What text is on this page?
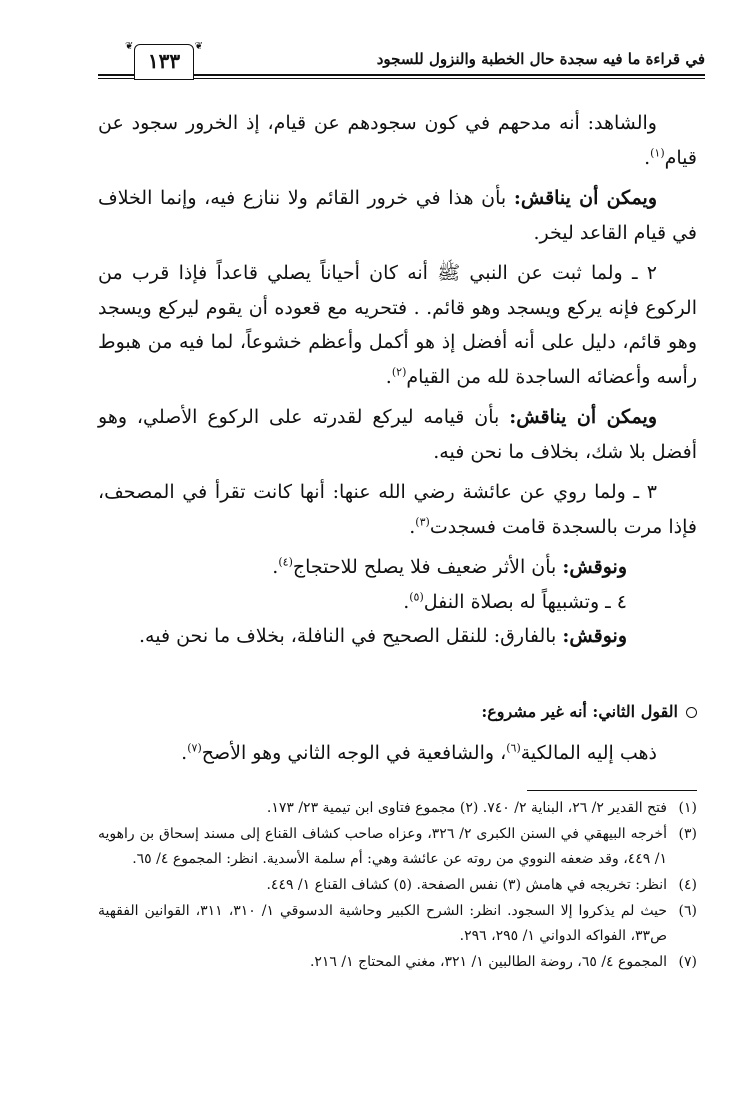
في قراءة ما فيه سجدة حال الخطبة والنزول للسجود
❦
١٣٣
❦

والشاهد: أنه مدحهم في كون سجودهم عن قيام، إذ الخرور سجود عن قيام$^{(١)}$.

ويمكن أن يناقش: بأن هذا في خرور القائم ولا ننازع فيه، وإنما الخلاف في قيام القاعد ليخر.

٢ ـ ولما ثبت عن النبي ﷺ أنه كان أحياناً يصلي قاعداً فإذا قرب من الركوع فإنه يركع ويسجد وهو قائم. . فتحريه مع قعوده أن يقوم ليركع ويسجد وهو قائم، دليل على أنه أفضل إذ هو أكمل وأعظم خشوعاً، لما فيه من هبوط رأسه وأعضائه الساجدة لله من القيام$^{(٢)}$.

ويمكن أن يناقش: بأن قيامه ليركع لقدرته على الركوع الأصلي، وهو أفضل بلا شك، بخلاف ما نحن فيه.

٣ ـ ولما روي عن عائشة رضي الله عنها: أنها كانت تقرأ في المصحف، فإذا مرت بالسجدة قامت فسجدت$^{(٣)}$.

ونوقش: بأن الأثر ضعيف فلا يصلح للاحتجاج$^{(٤)}$.

٤ ـ وتشبيهاً له بصلاة النفل$^{(٥)}$.

ونوقش: بالفارق: للنقل الصحيح في النافلة، بخلاف ما نحن فيه.

القول الثاني: أنه غير مشروع:
ذهب إليه المالكية$^{(٦)}$، والشافعية في الوجه الثاني وهو الأصح$^{(٧)}$.
(١)
فتح القدير ٢/ ٢٦، البناية ٢/ ٧٤٠. (٢) مجموع فتاوى ابن تيمية ٢٣/ ١٧٣.
(٣)
أخرجه البيهقي في السنن الكبرى ٢/ ٣٢٦، وعزاه صاحب كشاف القناع إلى مسند إسحاق بن راهويه ١/ ٤٤٩، وقد ضعفه النووي من روته عن عائشة وهي: أم سلمة الأسدية. انظر: المجموع ٤/ ٦٥.
(٤)
انظر: تخريجه في هامش (٣) نفس الصفحة. (٥) كشاف القناع ١/ ٤٤٩.
(٦)
حيث لم يذكروا إلا السجود. انظر: الشرح الكبير وحاشية الدسوقي ١/ ٣١٠، ٣١١، القوانين الفقهية ص٣٣، الفواكه الدواني ١/ ٢٩٥، ٢٩٦.
(٧)
المجموع ٤/ ٦٥، روضة الطالبين ١/ ٣٢١، مغني المحتاج ١/ ٢١٦.
